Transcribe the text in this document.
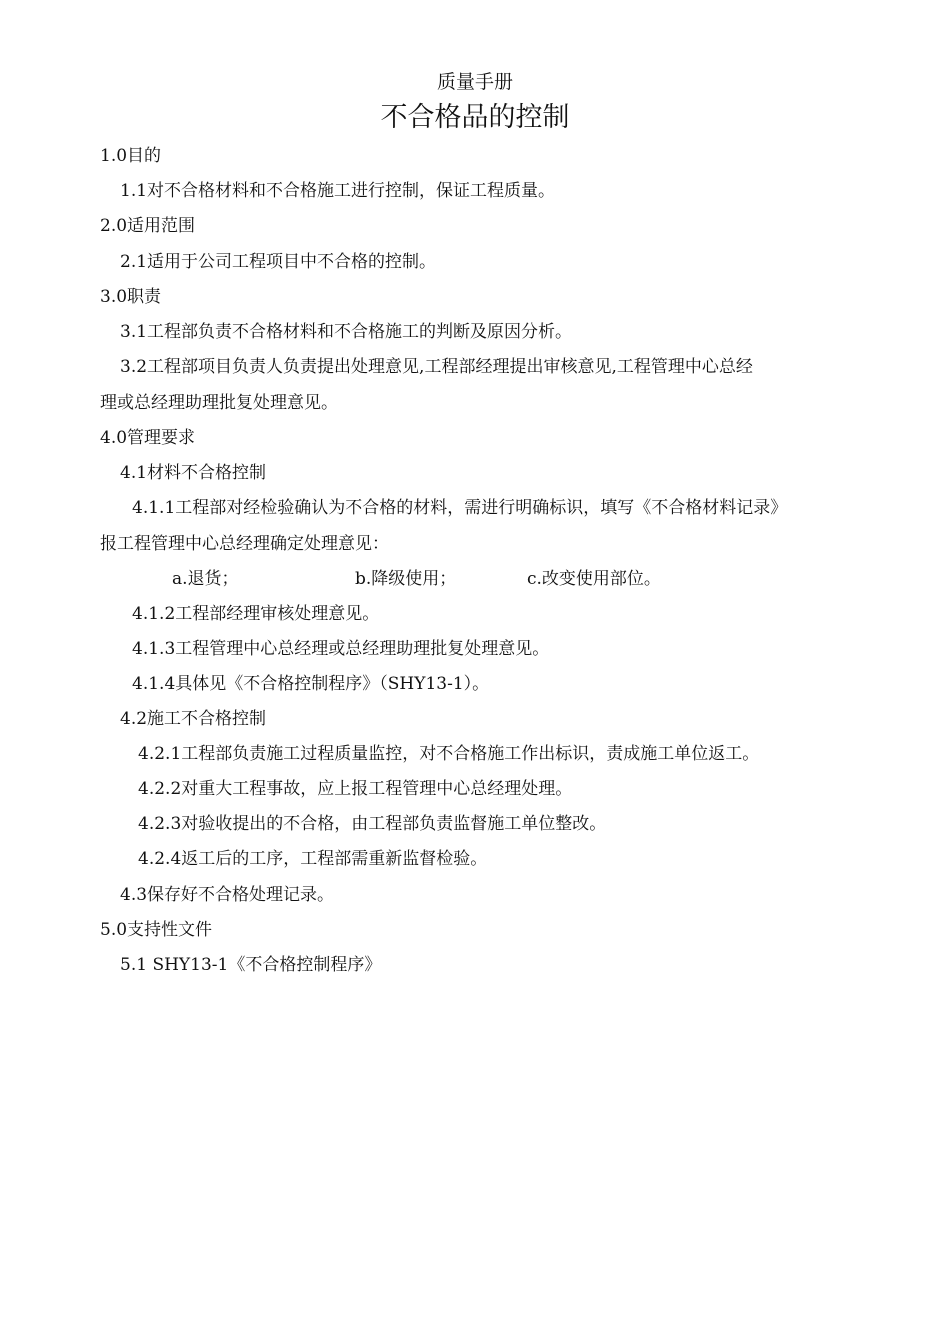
质量手册
不合格品的控制
1.0目的
1.1对不合格材料和不合格施工进行控制，保证工程质量。
2.0适用范围
2.1适用于公司工程项目中不合格的控制。
3.0职责
3.1工程部负责不合格材料和不合格施工的判断及原因分析。
3.2工程部项目负责人负责提出处理意见,工程部经理提出审核意见,工程管理中心总经
理或总经理助理批复处理意见。
4.0管理要求
4.1材料不合格控制
4.1.1工程部对经检验确认为不合格的材料，需进行明确标识，填写《不合格材料记录》
报工程管理中心总经理确定处理意见：
a.退货；	b.降级使用；	c.改变使用部位。
4.1.2工程部经理审核处理意见。
4.1.3工程管理中心总经理或总经理助理批复处理意见。
4.1.4具体见《不合格控制程序》（SHY13-1）。
4.2施工不合格控制
4.2.1工程部负责施工过程质量监控，对不合格施工作出标识，责成施工单位返工。
4.2.2对重大工程事故，应上报工程管理中心总经理处理。
4.2.3对验收提出的不合格，由工程部负责监督施工单位整改。
4.2.4返工后的工序，工程部需重新监督检验。
4.3保存好不合格处理记录。
5.0支持性文件
5.1 SHY13-1《不合格控制程序》
